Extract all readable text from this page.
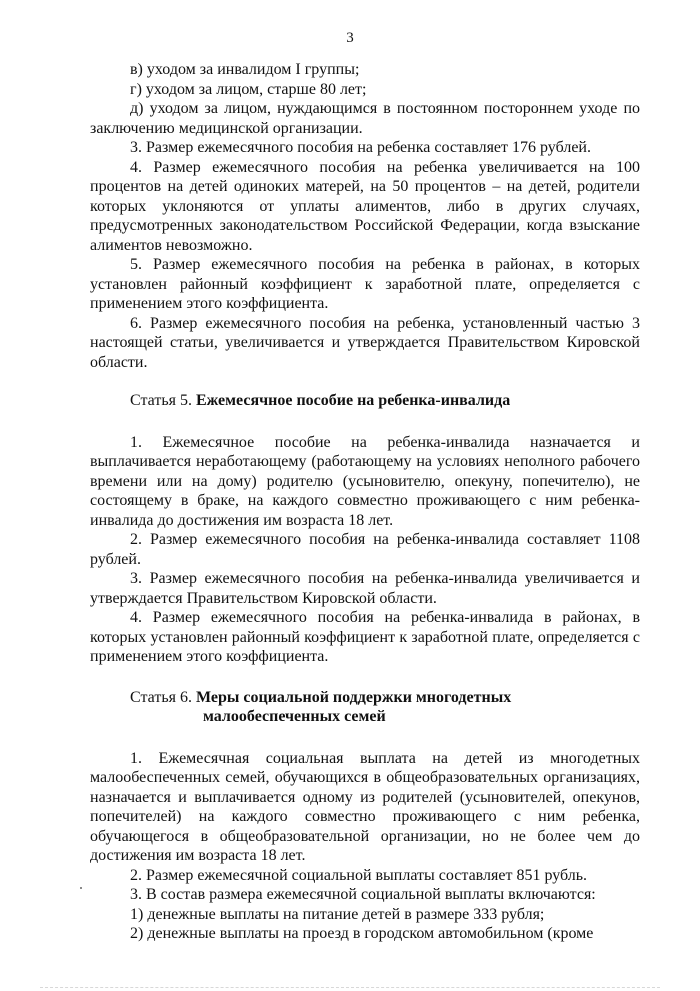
3

в) уходом за инвалидом I группы;

г) уходом за лицом, старше 80 лет;

д) уходом за лицом, нуждающимся в постоянном постороннем уходе по заключению медицинской организации.

3. Размер ежемесячного пособия на ребенка составляет 176 рублей.

4. Размер ежемесячного пособия на ребенка увеличивается на 100 процентов на детей одиноких матерей, на 50 процентов – на детей, родители которых уклоняются от уплаты алиментов, либо в других случаях, предусмотренных законодательством Российской Федерации, когда взыскание алиментов невозможно.

5. Размер ежемесячного пособия на ребенка в районах, в которых установлен районный коэффициент к заработной плате, определяется с применением этого коэффициента.

6. Размер ежемесячного пособия на ребенка, установленный частью 3 настоящей статьи, увеличивается и утверждается Правительством Кировской области.

Статья 5. Ежемесячное пособие на ребенка-инвалида

1. Ежемесячное пособие на ребенка-инвалида назначается и выплачивается неработающему (работающему на условиях неполного рабочего времени или на дому) родителю (усыновителю, опекуну, попечителю), не состоящему в браке, на каждого совместно проживающего с ним ребенка-инвалида до достижения им возраста 18 лет.

2. Размер ежемесячного пособия на ребенка-инвалида составляет 1108 рублей.

3. Размер ежемесячного пособия на ребенка-инвалида увеличивается и утверждается Правительством Кировской области.

4. Размер ежемесячного пособия на ребенка-инвалида в районах, в которых установлен районный коэффициент к заработной плате, определяется с применением этого коэффициента.

Статья 6. Меры социальной поддержки многодетных
малообеспеченных семей

1. Ежемесячная социальная выплата на детей из многодетных малообеспеченных семей, обучающихся в общеобразовательных организациях, назначается и выплачивается одному из родителей (усыновителей, опекунов, попечителей) на каждого совместно проживающего с ним ребенка, обучающегося в общеобразовательной организации, но не более чем до достижения им возраста 18 лет.

2. Размер ежемесячной социальной выплаты составляет 851 рубль.

3. В состав размера ежемесячной социальной выплаты включаются:

1) денежные выплаты на питание детей в размере 333 рубля;

2) денежные выплаты на проезд в городском автомобильном (кроме
